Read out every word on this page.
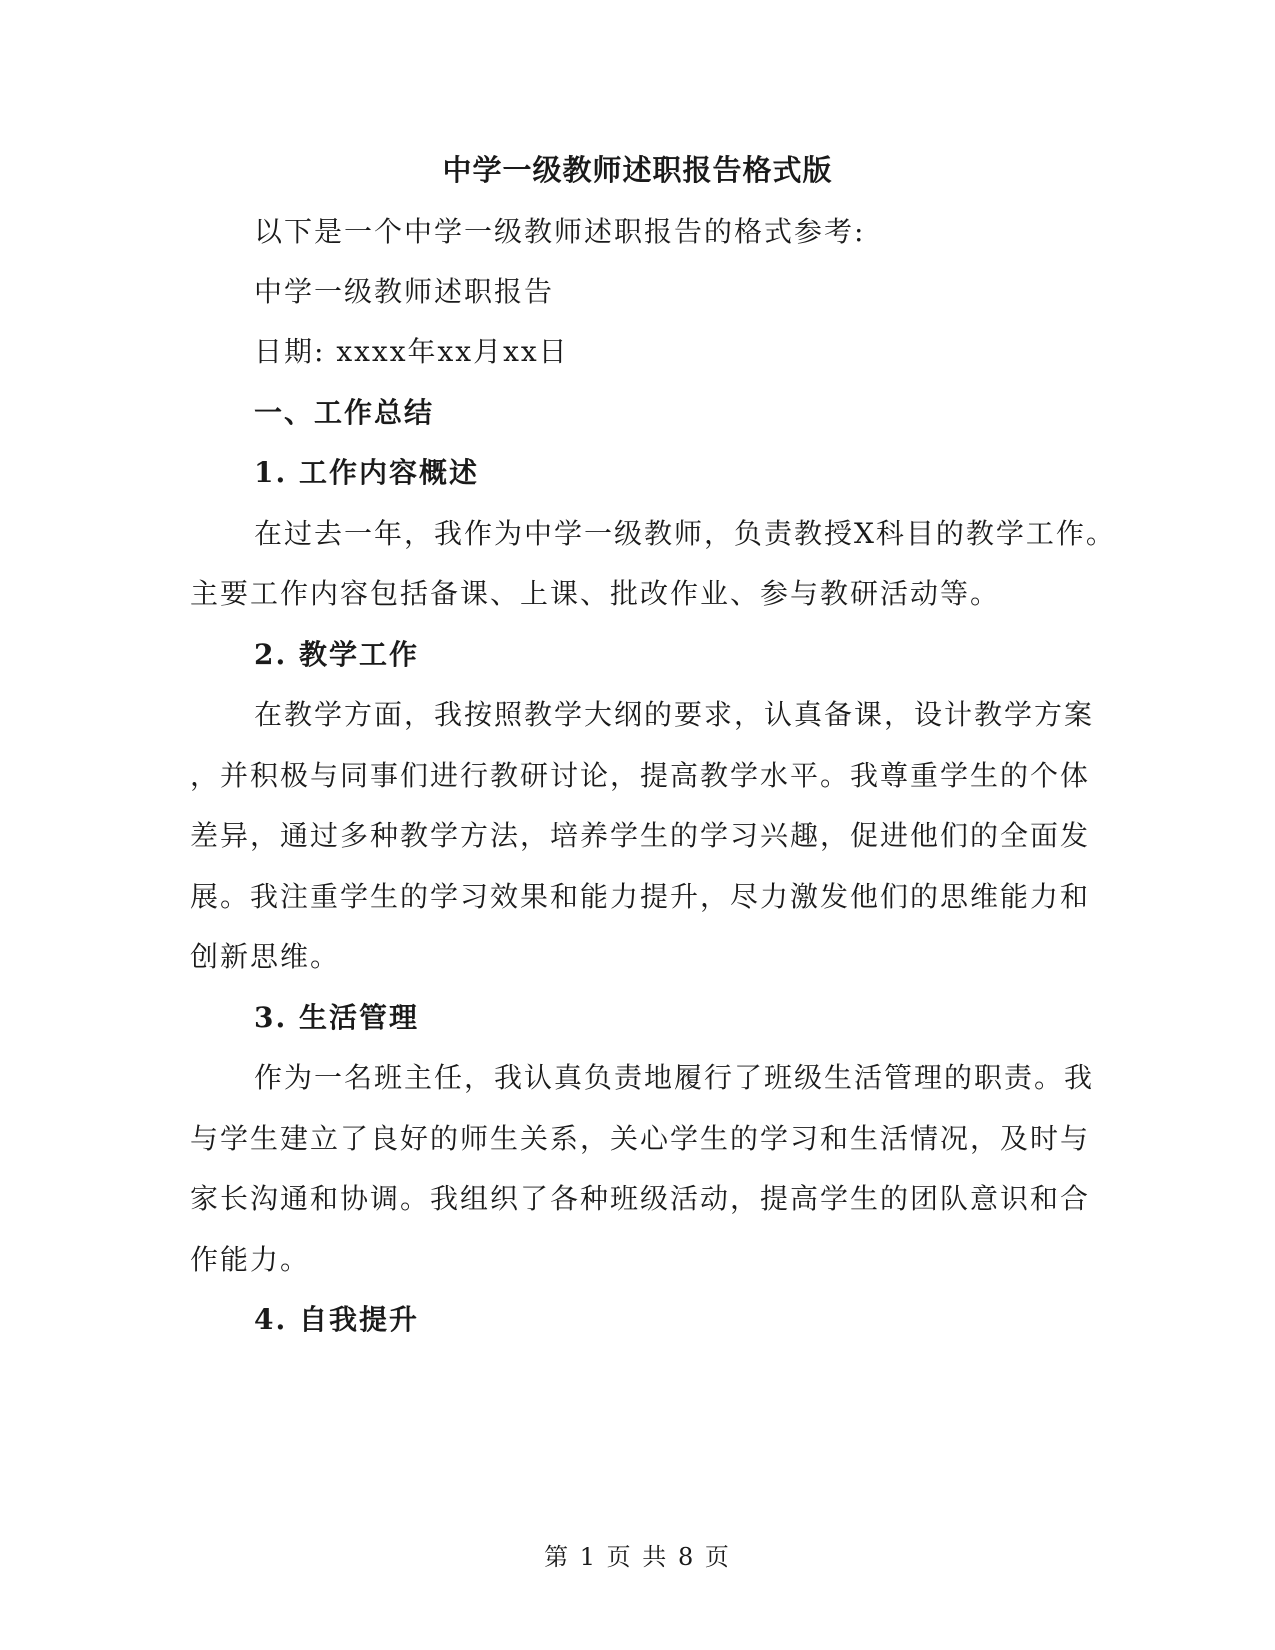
中学一级教师述职报告格式版
以下是一个中学一级教师述职报告的格式参考:
中学一级教师述职报告
日期: xxxx年xx月xx日
一、工作总结
1. 工作内容概述
在过去一年，我作为中学一级教师，负责教授X科目的教学工作。
主要工作内容包括备课、上课、批改作业、参与教研活动等。
2. 教学工作
在教学方面，我按照教学大纲的要求，认真备课，设计教学方案
，并积极与同事们进行教研讨论，提高教学水平。我尊重学生的个体
差异，通过多种教学方法，培养学生的学习兴趣，促进他们的全面发
展。我注重学生的学习效果和能力提升，尽力激发他们的思维能力和
创新思维。
3. 生活管理
作为一名班主任，我认真负责地履行了班级生活管理的职责。我
与学生建立了良好的师生关系，关心学生的学习和生活情况，及时与
家长沟通和协调。我组织了各种班级活动，提高学生的团队意识和合
作能力。
4. 自我提升
第 1 页 共 8 页
